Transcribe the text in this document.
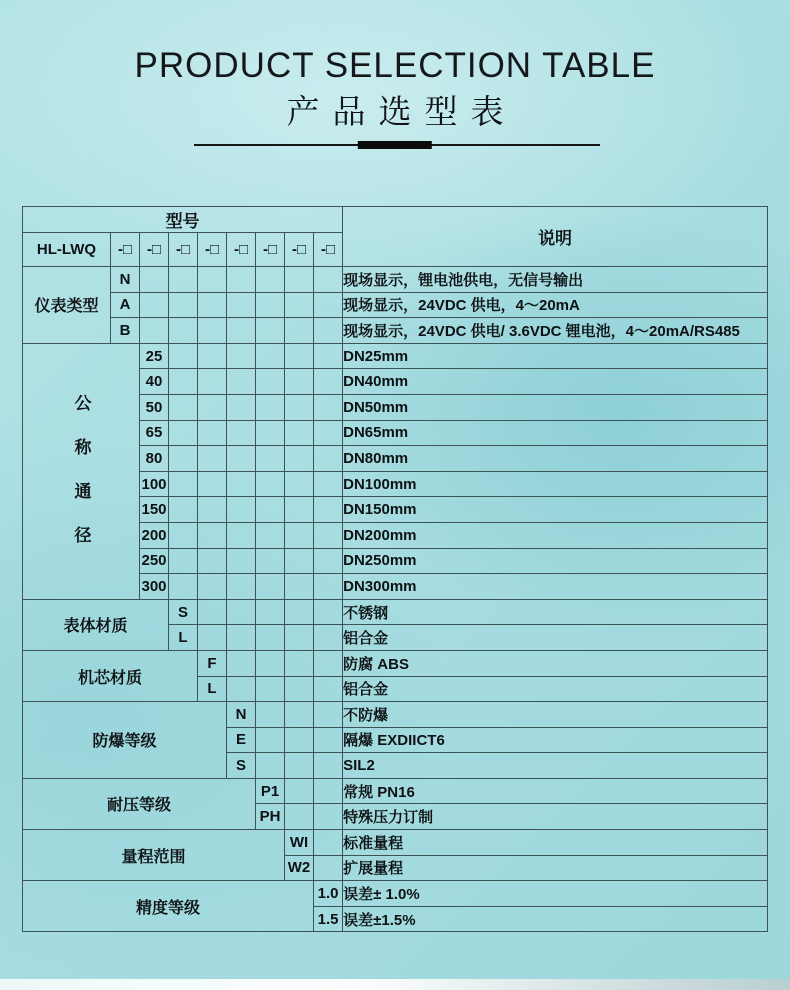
PRODUCT SELECTION TABLE
产品选型表
型号									说明
HL-LWQ	-□	-□	-□	-□	-□	-□	-□	-□	
仪表类型	N								现场显示，锂电池供电，无信号输出
	A								现场显示，24VDC 供电，4～20mA
	B								现场显示，24VDC 供电/ 3.6VDC 锂电池，4～20mA/RS485
公称通径		25							DN25mm
		40							DN40mm
		50							DN50mm
		65							DN65mm
		80							DN80mm
		100							DN100mm
		150							DN150mm
		200							DN200mm
		250							DN250mm
		300							DN300mm
表体材质			S						不锈钢
			L						铝合金
机芯材质				F					防腐 ABS
				L					铝合金
防爆等级					N				不防爆
					E				隔爆 EXDIICT6
					S				SIL2
耐压等级						P1			常规 PN16
						PH			特殊压力订制
量程范围							WI		标准量程
							W2		扩展量程
精度等级								1.0	误差± 1.0%
								1.5	误差±1.5%
